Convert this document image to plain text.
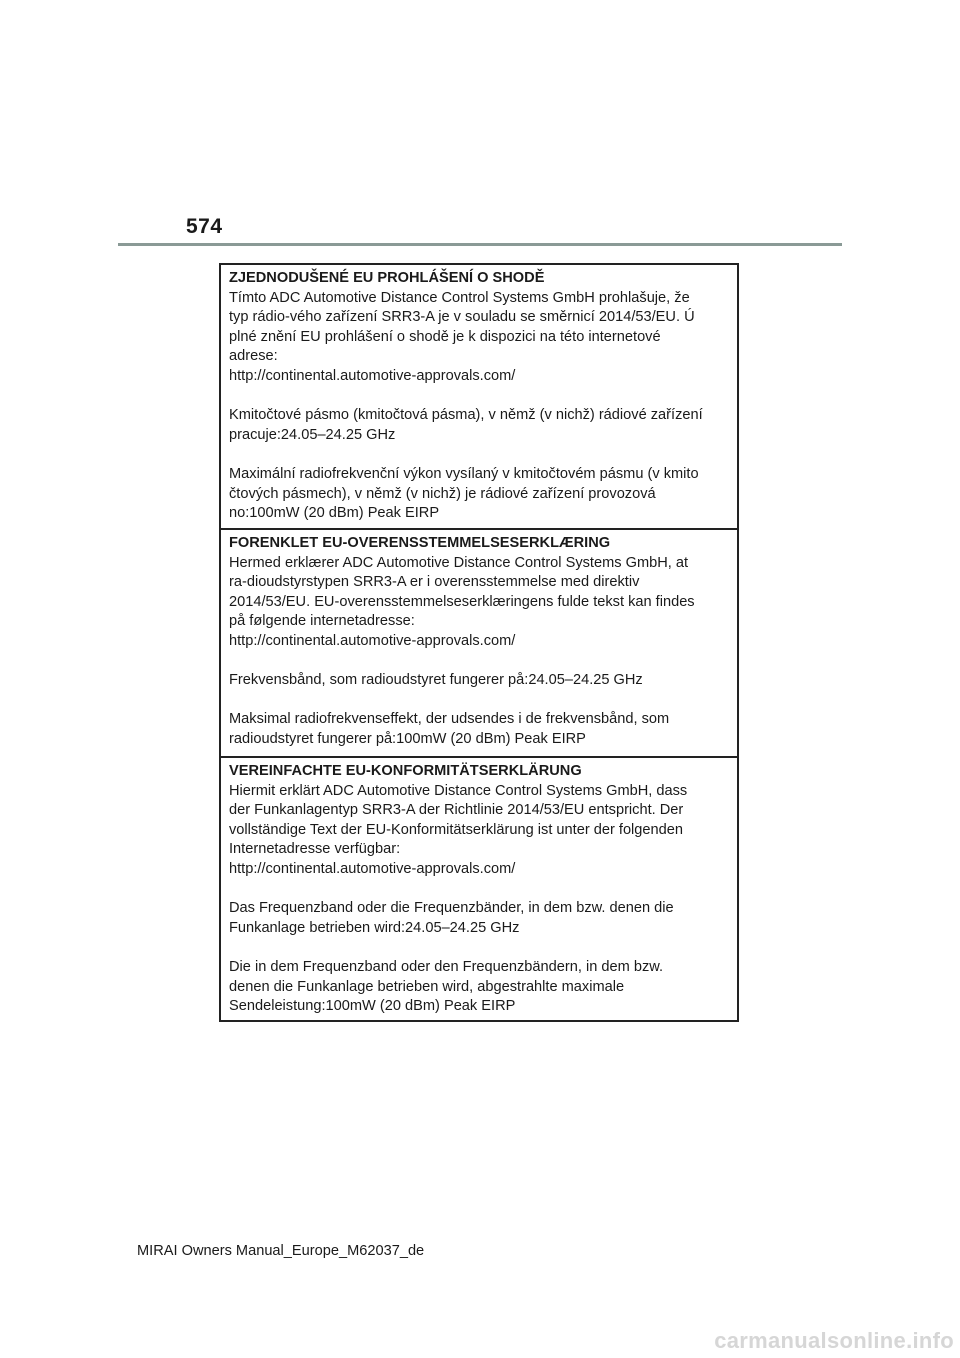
574

ZJEDNODUŠENÉ EU PROHLÁŠENÍ O SHODĚ

Tímto ADC Automotive Distance Control Systems GmbH prohlašuje, že

typ rádio-vého zařízení SRR3-A je v souladu se směrnicí 2014/53/EU. Ú

plné znění EU prohlášení o shodě je k dispozici na této internetové

adrese:

http://continental.automotive-approvals.com/

Kmitočtové pásmo (kmitočtová pásma), v němž (v nichž) rádiové zařízení

pracuje:24.05–24.25 GHz

Maximální radiofrekvenční výkon vysílaný v kmitočtovém pásmu (v kmito

čtových pásmech), v němž (v nichž) je rádiové zařízení provozová

no:100mW (20 dBm) Peak EIRP

FORENKLET EU-OVERENSSTEMMELSESERKLÆRING

Hermed erklærer ADC Automotive Distance Control Systems GmbH, at

ra-dioudstyrstypen SRR3-A er i overensstemmelse med direktiv

2014/53/EU. EU-overensstemmelseserklæringens fulde tekst kan findes

på følgende internetadresse:

http://continental.automotive-approvals.com/

Frekvensbånd, som radioudstyret fungerer på:24.05–24.25 GHz

Maksimal radiofrekvenseffekt, der udsendes i de frekvensbånd, som

radioudstyret fungerer på:100mW (20 dBm) Peak EIRP

VEREINFACHTE EU-KONFORMITÄTSERKLÄRUNG

Hiermit erklärt ADC Automotive Distance Control Systems GmbH, dass

der Funkanlagentyp SRR3-A der Richtlinie 2014/53/EU entspricht. Der

vollständige Text der EU-Konformitätserklärung ist unter der folgenden

Internetadresse verfügbar:

http://continental.automotive-approvals.com/

Das Frequenzband oder die Frequenzbänder, in dem bzw. denen die

Funkanlage betrieben wird:24.05–24.25 GHz

Die in dem Frequenzband oder den Frequenzbändern, in dem bzw.

denen die Funkanlage betrieben wird, abgestrahlte maximale

Sendeleistung:100mW (20 dBm) Peak EIRP

MIRAI Owners Manual_Europe_M62037_de
carmanualsonline.info
